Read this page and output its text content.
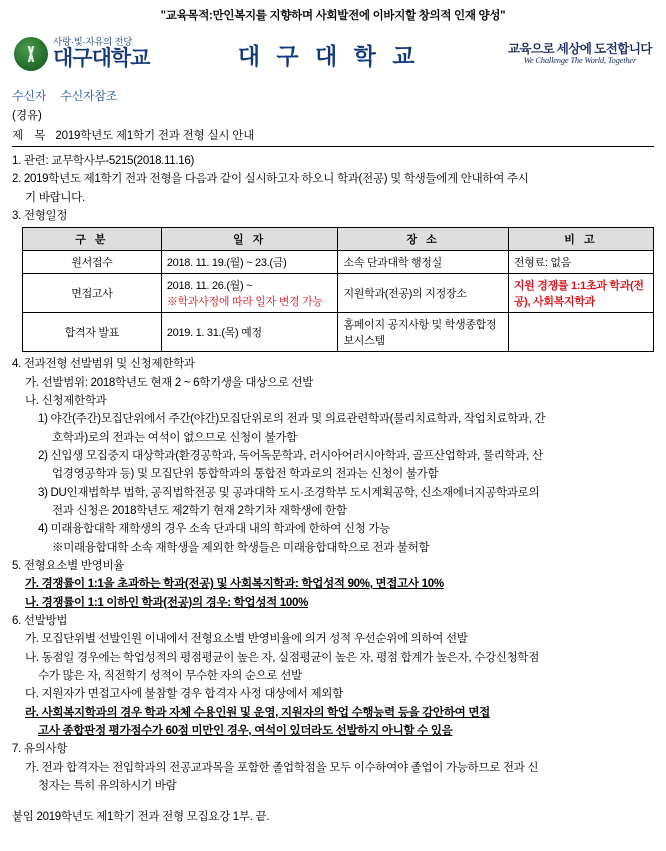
"교육목적:만인복지를 지향하며 사회발전에 이바지할 창의적 인재 양성"
사랑·빛·자유의 전당
대구대학교	대 구 대 학 교	교육으로 세상에 도전합니다
We Challenge The World, Together
수신자 수신자참조
(경유)
제 목 2019학년도 제1학기 전과 전형 실시 안내
1. 관련: 교무학사부-5215(2018.11.16)
2. 2019학년도 제1학기 전과 전형을 다음과 같이 실시하고자 하오니 학과(전공) 및 학생들에게 안내하여 주시
기 바랍니다.
3. 전형일정
구 분	일 자	장 소	비 고
원서접수	2018. 11. 19.(월) ~ 23.(금)	소속 단과대학 행정실	전형료: 없음
면접고사	2018. 11. 26.(월) ~
※학과사정에 따라 일자 변경 가능	지원학과(전공)의 지정장소	지원 경쟁률 1:1초과 학과(전공), 사회복지학과
합격자 발표	2019. 1. 31.(목) 예정	홈페이지 공지사항 및 학생종합정보시스템	
4. 전과전형 선발범위 및 신청제한학과
가. 선발범위: 2018학년도 현재 2 ~ 6학기생을 대상으로 선발
나. 신청제한학과
1) 야간(주간)모집단위에서 주간(야간)모집단위로의 전과 및 의료관련학과(물리치료학과, 작업치료학과, 간
호학과)로의 전과는 여석이 없으므로 신청이 불가함
2) 신입생 모집중지 대상학과(환경공학과, 독어독문학과, 러시아어러시아학과, 골프산업학과, 물리학과, 산
업경영공학과 등) 및 모집단위 통합학과의 통합전 학과로의 전과는 신청이 불가함
3) DU인재법학부 법학, 공직법학전공 및 공과대학 도시·조경학부 도시계획공학, 신소재에너지공학과로의
전과 신청은 2018학년도 제2학기 현재 2학기차 재학생에 한함
4) 미래융합대학 재학생의 경우 소속 단과대 내의 학과에 한하여 신청 가능
※미래융합대학 소속 재학생을 제외한 학생들은 미래융합대학으로 전과 불허함
5. 전형요소별 반영비율
가. 경쟁률이 1:1을 초과하는 학과(전공) 및 사회복지학과: 학업성적 90%, 면접고사 10%
나. 경쟁률이 1:1 이하인 학과(전공)의 경우: 학업성적 100%
6. 선발방법
가. 모집단위별 선발인원 이내에서 전형요소별 반영비율에 의거 성적 우선순위에 의하여 선발
나. 동점일 경우에는 학업성적의 평점평균이 높은 자, 실점평균이 높은 자, 평점 합계가 높은자, 수강신청학점
수가 많은 자, 직전학기 성적이 무수한 자의 순으로 선발
다. 지원자가 면접고사에 불참할 경우 합격자 사정 대상에서 제외함
라. 사회복지학과의 경우 학과 자체 수용인원 및 운영, 지원자의 학업 수행능력 등을 감안하여 면접
고사 종합판정 평가점수가 60점 미만인 경우, 여석이 있더라도 선발하지 아니할 수 있음
7. 유의사항
가. 전과 합격자는 전입학과의 전공교과목을 포함한 졸업학점을 모두 이수하여야 졸업이 가능하므로 전과 신
청자는 특히 유의하시기 바람
붙임 2019학년도 제1학기 전과 전형 모집요강 1부. 끝.
